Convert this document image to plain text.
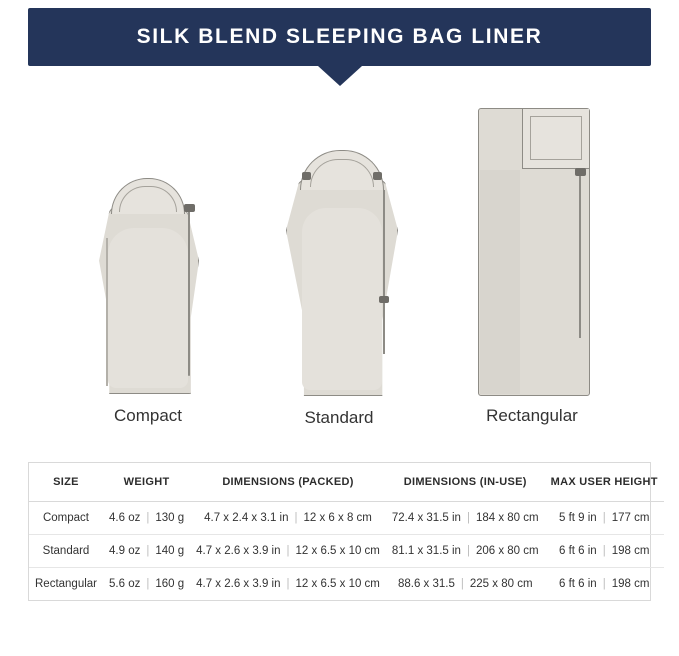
SILK BLEND SLEEPING BAG LINER
Compact	Standard	Rectangular
SIZE	WEIGHT	DIMENSIONS (PACKED)	DIMENSIONS (IN-USE)	MAX USER HEIGHT
Compact	4.6 oz | 130 g	4.7 x 2.4 x 3.1 in | 12 x 6 x 8 cm	72.4 x 31.5 in | 184 x 80 cm	5 ft 9 in | 177 cm
Standard	4.9 oz | 140 g	4.7 x 2.6 x 3.9 in | 12 x 6.5 x 10 cm	81.1 x 31.5 in | 206 x 80 cm	6 ft 6 in | 198 cm
Rectangular	5.6 oz | 160 g	4.7 x 2.6 x 3.9 in | 12 x 6.5 x 10 cm	88.6 x 31.5 | 225 x 80 cm	6 ft 6 in | 198 cm
